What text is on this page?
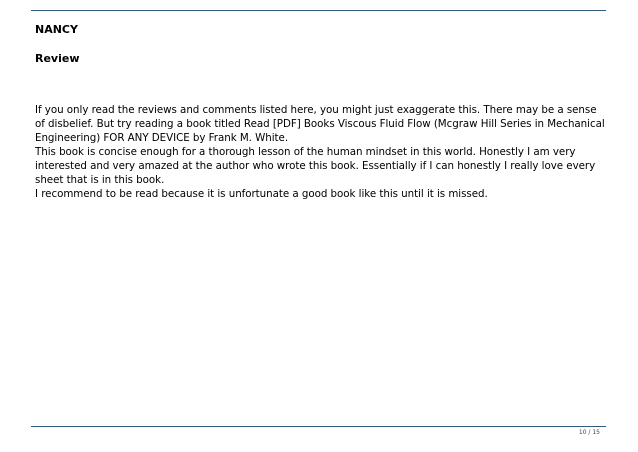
NANCY
Review

If you only read the reviews and comments listed here, you might just exaggerate this. There may be a sense of disbelief. But try reading a book titled Read [PDF] Books Viscous Fluid Flow (Mcgraw Hill Series in Mechanical Engineering) FOR ANY DEVICE by Frank M. White.

This book is concise enough for a thorough lesson of the human mindset in this world. Honestly I am very interested and very amazed at the author who wrote this book. Essentially if I can honestly I really love every sheet that is in this book.

I recommend to be read because it is unfortunate a good book like this until it is missed.

10 / 15
